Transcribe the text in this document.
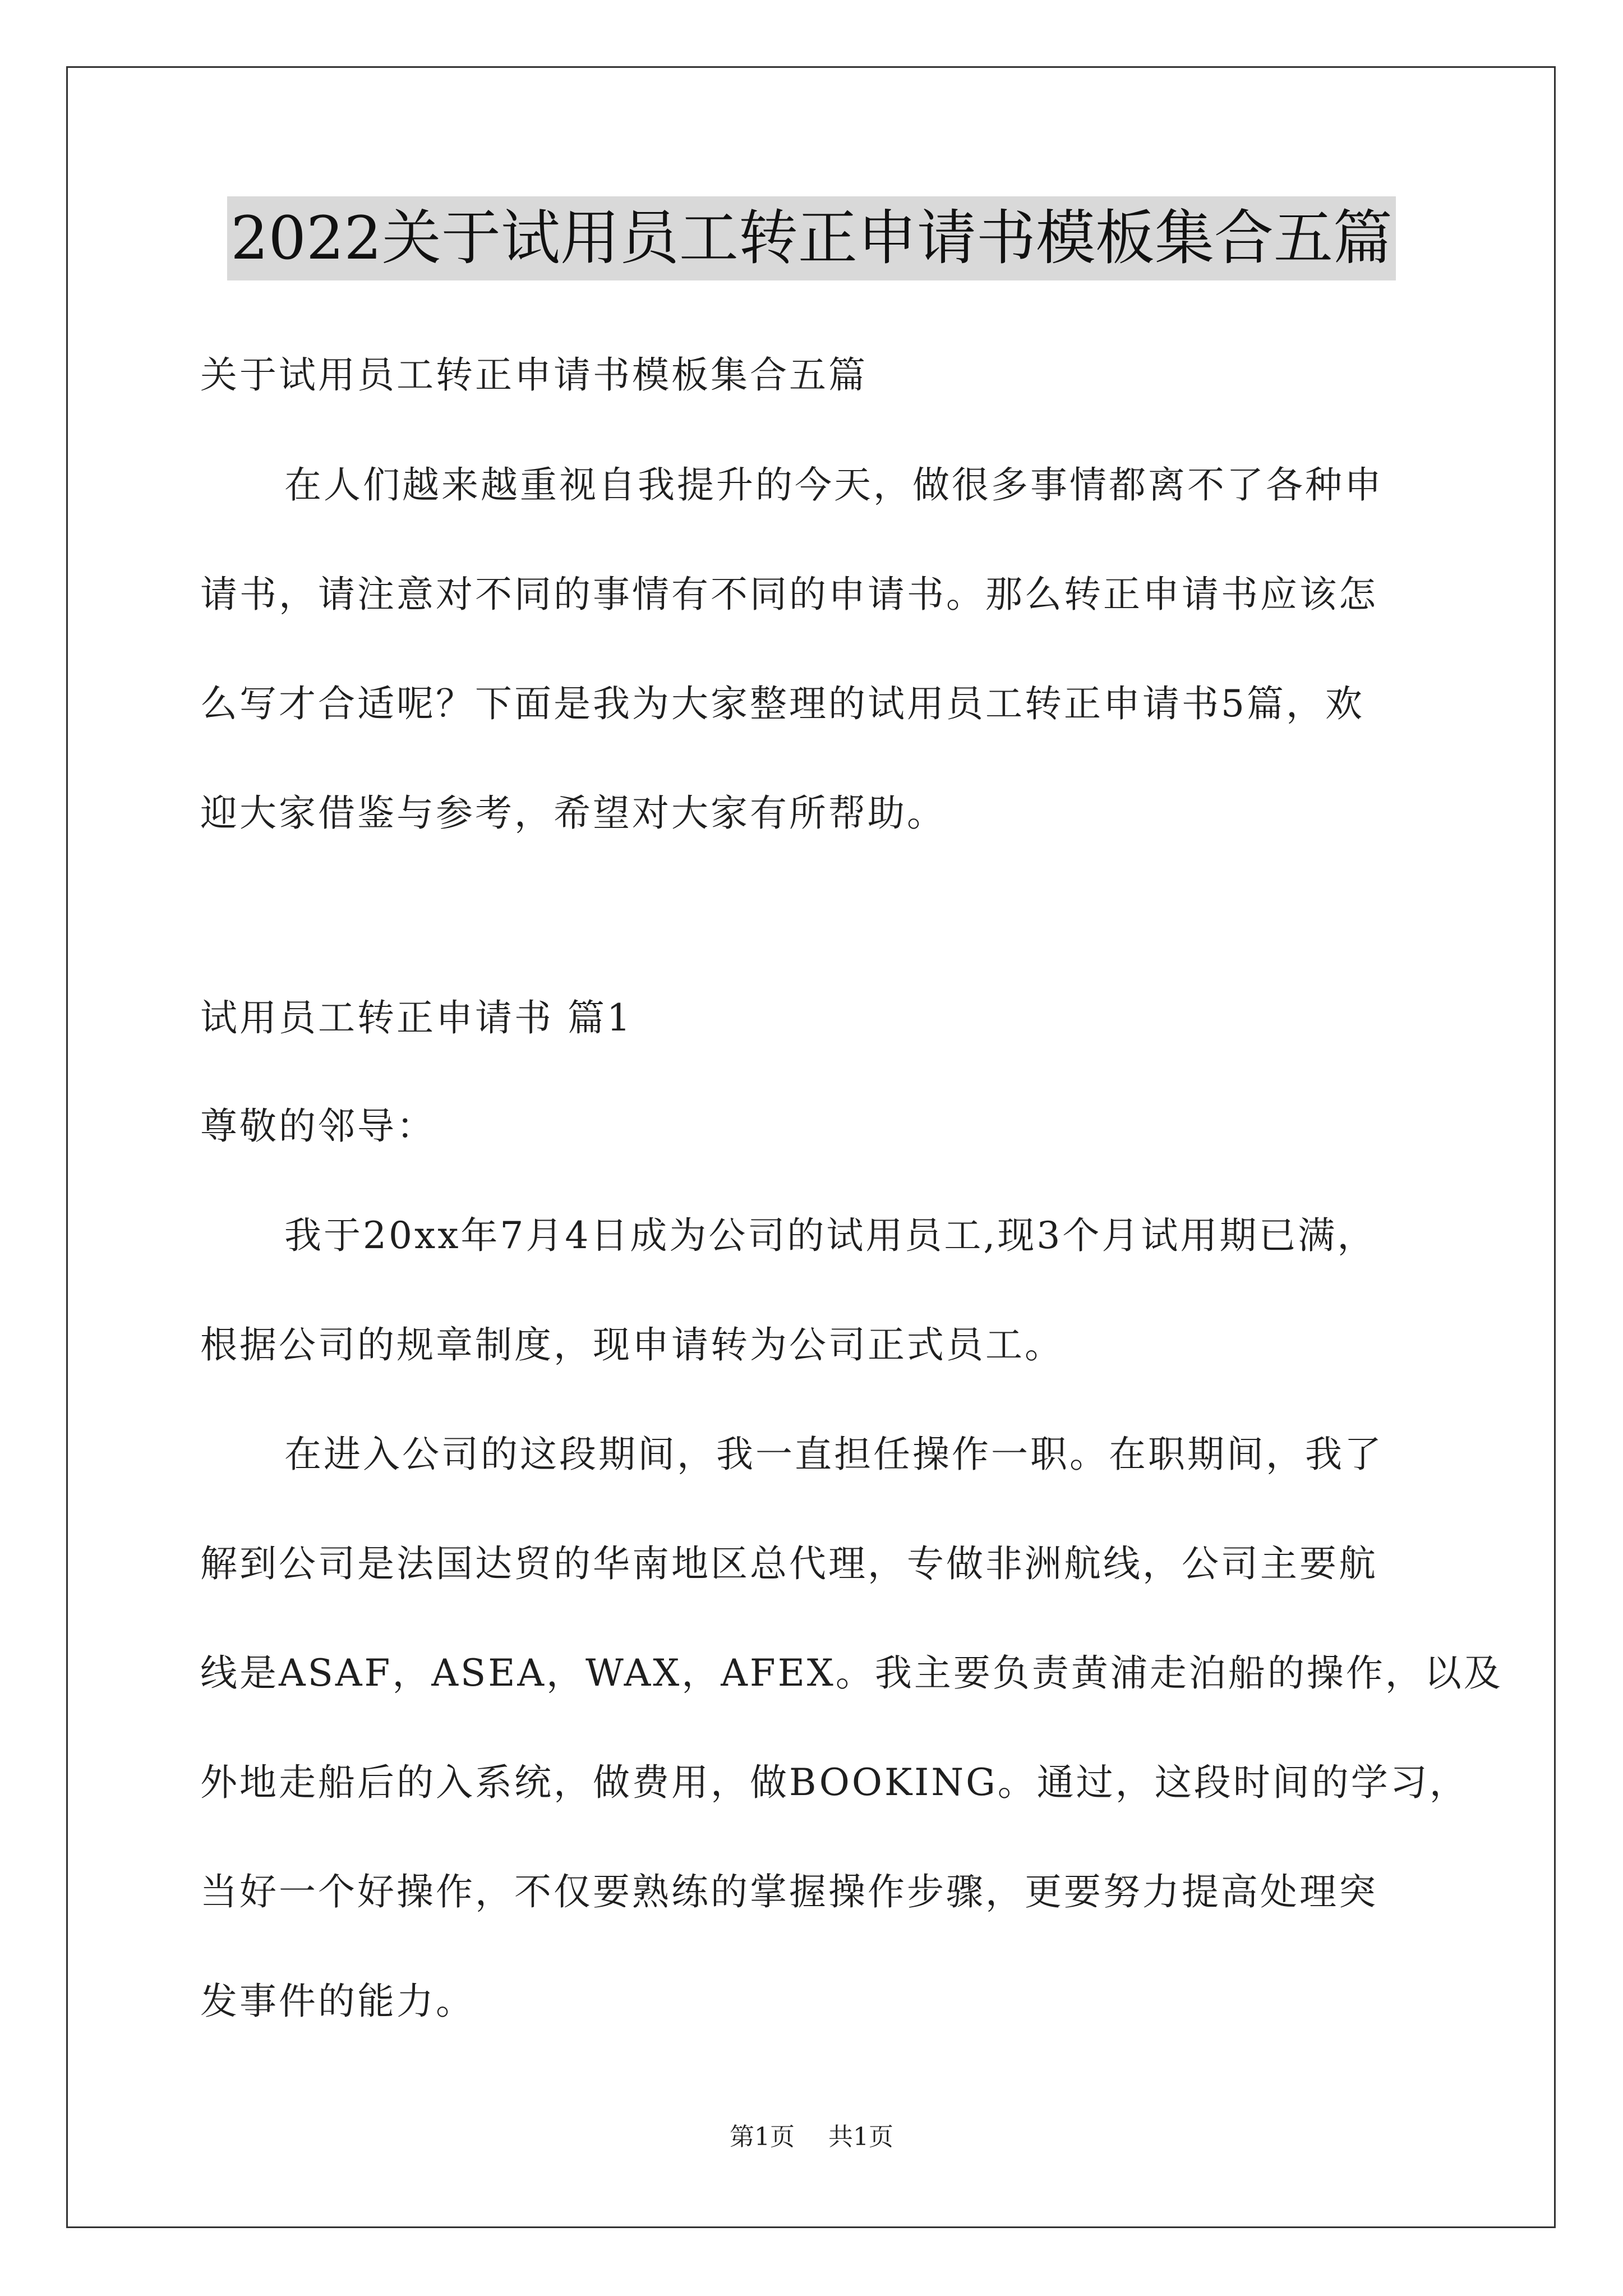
2022关于试用员工转正申请书模板集合五篇
关于试用员工转正申请书模板集合五篇
在人们越来越重视自我提升的今天，做很多事情都离不了各种申
请书，请注意对不同的事情有不同的申请书。那么转正申请书应该怎
么写才合适呢？下面是我为大家整理的试用员工转正申请书5篇，欢
迎大家借鉴与参考，希望对大家有所帮助。
试用员工转正申请书 篇1
尊敬的邻导：
我于20xx年7月4日成为公司的试用员工,现3个月试用期已满，
根据公司的规章制度，现申请转为公司正式员工。
在进入公司的这段期间，我一直担任操作一职。在职期间，我了
解到公司是法国达贸的华南地区总代理，专做非洲航线，公司主要航
线是ASAF，ASEA，WAX，AFEX。我主要负责黄浦走泊船的操作，以及
外地走船后的入系统，做费用，做BOOKING。通过，这段时间的学习，
当好一个好操作，不仅要熟练的掌握操作步骤，更要努力提高处理突
发事件的能力。
第1页 共1页
